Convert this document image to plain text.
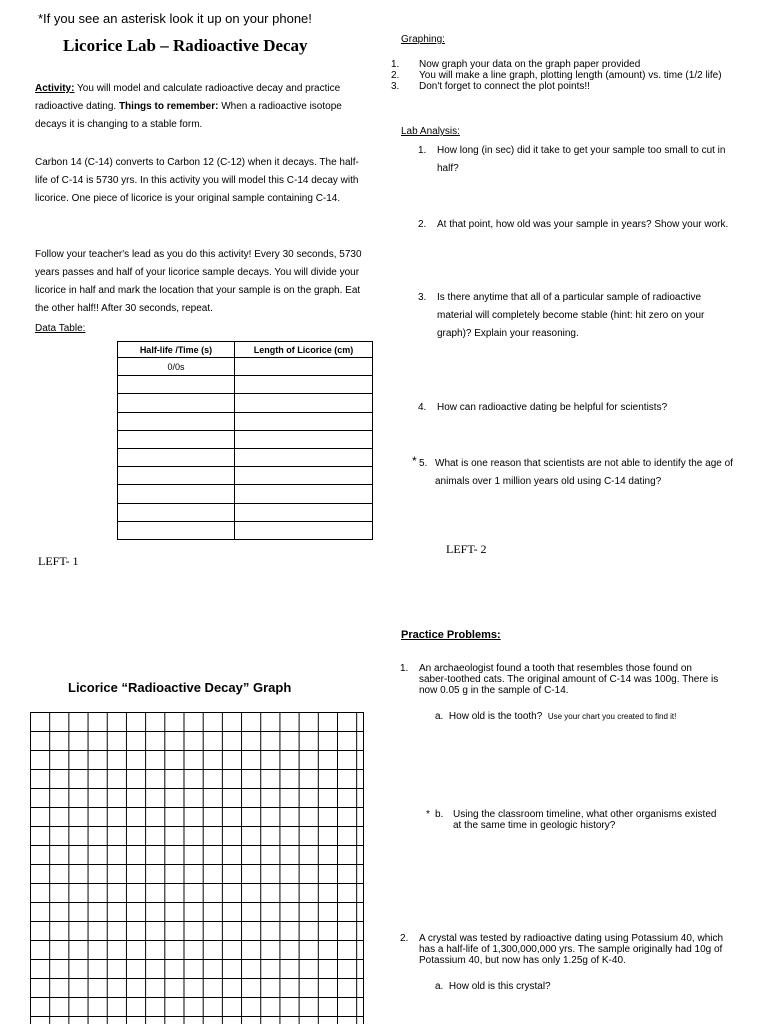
*If you see an asterisk look it up on your phone!
Licorice Lab – Radioactive Decay
Activity: You will model and calculate radioactive decay and practice radioactive dating. Things to remember: When a radioactive isotope decays it is changing to a stable form.
Carbon 14 (C-14) converts to Carbon 12 (C-12) when it decays. The half-life of C-14 is 5730 yrs. In this activity you will model this C-14 decay with licorice. One piece of licorice is your original sample containing C-14.
Follow your teacher's lead as you do this activity! Every 30 seconds, 5730 years passes and half of your licorice sample decays. You will divide your licorice in half and mark the location that your sample is on the graph. Eat the other half!! After 30 seconds, repeat.
Data Table:
Half-life /Time (s)	Length of Licorice (cm)
0/0s	

LEFT- 1
Licorice “Radioactive Decay” Graph
Graphing:
1. Now graph your data on the graph paper provided
2. You will make a line graph, plotting length (amount) vs. time (1/2 life)
3. Don't forget to connect the plot points!!
Lab Analysis:
1. How long (in sec) did it take to get your sample too small to cut in half?
2. At that point, how old was your sample in years? Show your work.
3. Is there anytime that all of a particular sample of radioactive material will completely become stable (hint: hit zero on your graph)? Explain your reasoning.
4. How can radioactive dating be helpful for scientists?
* 5. What is one reason that scientists are not able to identify the age of animals over 1 million years old using C-14 dating?
LEFT- 2
Practice Problems:
1. An archaeologist found a tooth that resembles those found on saber-toothed cats. The original amount of C-14 was 100g. There is now 0.05 g in the sample of C-14.
a.  How old is the tooth? Use your chart you created to find it!
* b. Using the classroom timeline, what other organisms existed at the same time in geologic history?
2. A crystal was tested by radioactive dating using Potassium 40, which has a half-life of 1,300,000,000 yrs. The sample originally had 10g of Potassium 40, but now has only 1.25g of K-40.
a.  How old is this crystal?
